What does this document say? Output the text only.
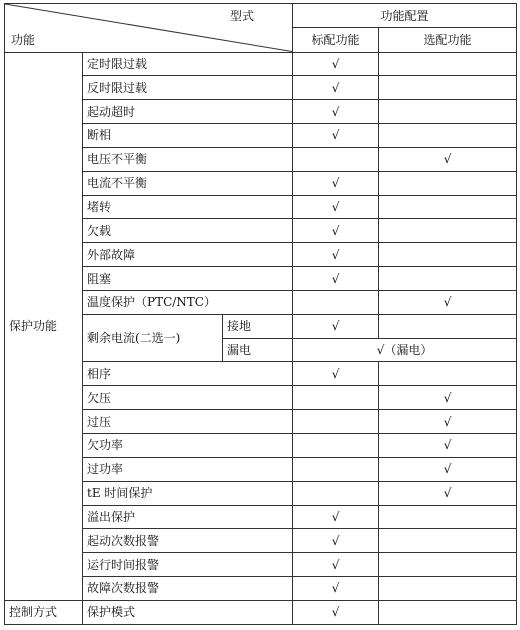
型式
功能			功能配置	
			标配功能	选配功能
保护功能	定时限过载		√	
	反时限过载		√	
	起动超时		√	
	断相		√	
	电压不平衡			√
	电流不平衡		√	
	堵转		√	
	欠载		√	
	外部故障		√	
	阻塞		√	
	温度保护（PTC/NTC）			√
	剩余电流(二选一)	接地	√	
		漏电	√（漏电）	
	相序		√	
	欠压			√
	过压			√
	欠功率			√
	过功率			√
	tE 时间保护			√
	溢出保护		√	
	起动次数报警		√	
	运行时间报警		√	
	故障次数报警		√	
控制方式	保护模式		√	
